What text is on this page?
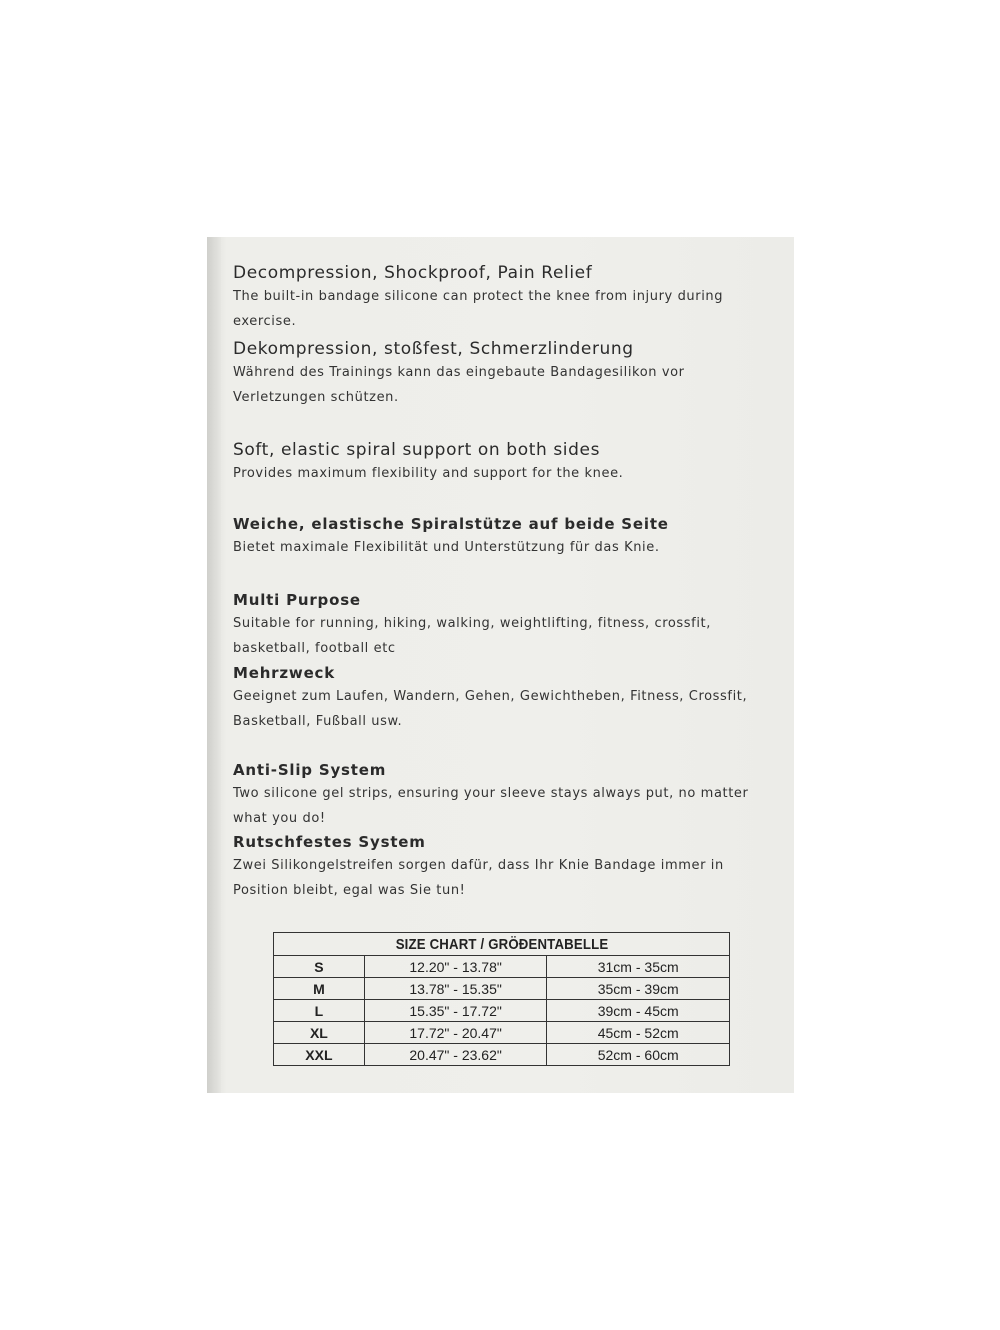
Decompression, Shockproof, Pain Relief
The built-in bandage silicone can protect the knee from injury during exercise.
Dekompression, stoßfest, Schmerzlinderung
Während des Trainings kann das eingebaute Bandagesilikon vor Verletzungen schützen.
Soft, elastic spiral support on both sides
Provides maximum flexibility and support for the knee.
Weiche, elastische Spiralstütze auf beide Seite
Bietet maximale Flexibilität und Unterstützung für das Knie.
Multi Purpose
Suitable for running, hiking, walking, weightlifting, fitness, crossfit, basketball, football etc
Mehrzweck
Geeignet zum Laufen, Wandern, Gehen, Gewichtheben, Fitness, Crossfit, Basketball, Fußball usw.
Anti-Slip System
Two silicone gel strips, ensuring your sleeve stays always put, no matter what you do!
Rutschfestes System
Zwei Silikongelstreifen sorgen dafür, dass Ihr Knie Bandage immer in Position bleibt, egal was Sie tun!
SIZE CHART / GRÖĐENTABELLE		
S	12.20" - 13.78"	31cm - 35cm
M	13.78" - 15.35"	35cm - 39cm
L	15.35" - 17.72"	39cm - 45cm
XL	17.72" - 20.47"	45cm - 52cm
XXL	20.47" - 23.62"	52cm - 60cm
